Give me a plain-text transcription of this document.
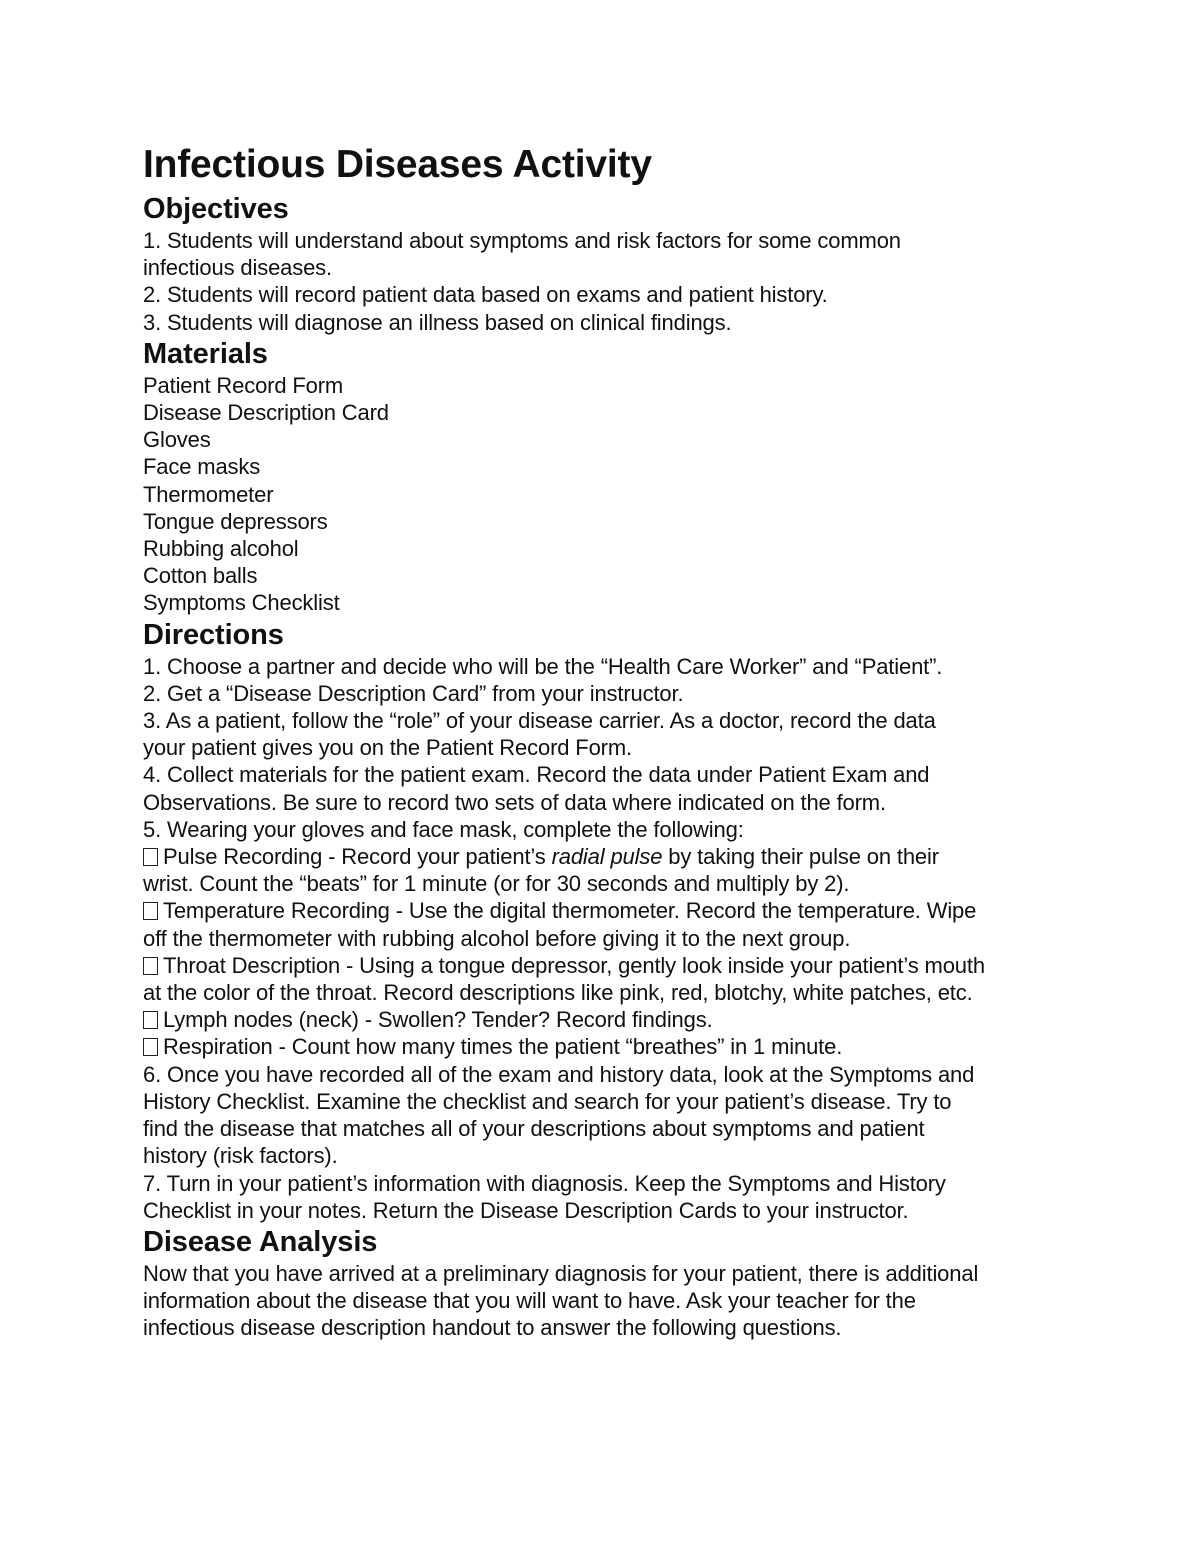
Infectious Diseases Activity
Objectives

1. Students will understand about symptoms and risk factors for some common

infectious diseases.

2. Students will record patient data based on exams and patient history.

3. Students will diagnose an illness based on clinical findings.

Materials

Patient Record Form

Disease Description Card

Gloves

Face masks

Thermometer

Tongue depressors

Rubbing alcohol

Cotton balls

Symptoms Checklist

Directions

1. Choose a partner and decide who will be the “Health Care Worker” and “Patient”.

2. Get a “Disease Description Card” from your instructor.

3. As a patient, follow the “role” of your disease carrier. As a doctor, record the data

your patient gives you on the Patient Record Form.

4. Collect materials for the patient exam. Record the data under Patient Exam and

Observations. Be sure to record two sets of data where indicated on the form.

5. Wearing your gloves and face mask, complete the following:

Pulse Recording - Record your patient’s radial pulse by taking their pulse on their

wrist. Count the “beats” for 1 minute (or for 30 seconds and multiply by 2).

Temperature Recording - Use the digital thermometer. Record the temperature. Wipe

off the thermometer with rubbing alcohol before giving it to the next group.

Throat Description - Using a tongue depressor, gently look inside your patient’s mouth

at the color of the throat. Record descriptions like pink, red, blotchy, white patches, etc.

Lymph nodes (neck) - Swollen? Tender? Record findings.

Respiration - Count how many times the patient “breathes” in 1 minute.

6. Once you have recorded all of the exam and history data, look at the Symptoms and

History Checklist. Examine the checklist and search for your patient’s disease. Try to

find the disease that matches all of your descriptions about symptoms and patient

history (risk factors).

7. Turn in your patient’s information with diagnosis. Keep the Symptoms and History

Checklist in your notes. Return the Disease Description Cards to your instructor.

Disease Analysis

Now that you have arrived at a preliminary diagnosis for your patient, there is additional

information about the disease that you will want to have. Ask your teacher for the

infectious disease description handout to answer the following questions.
